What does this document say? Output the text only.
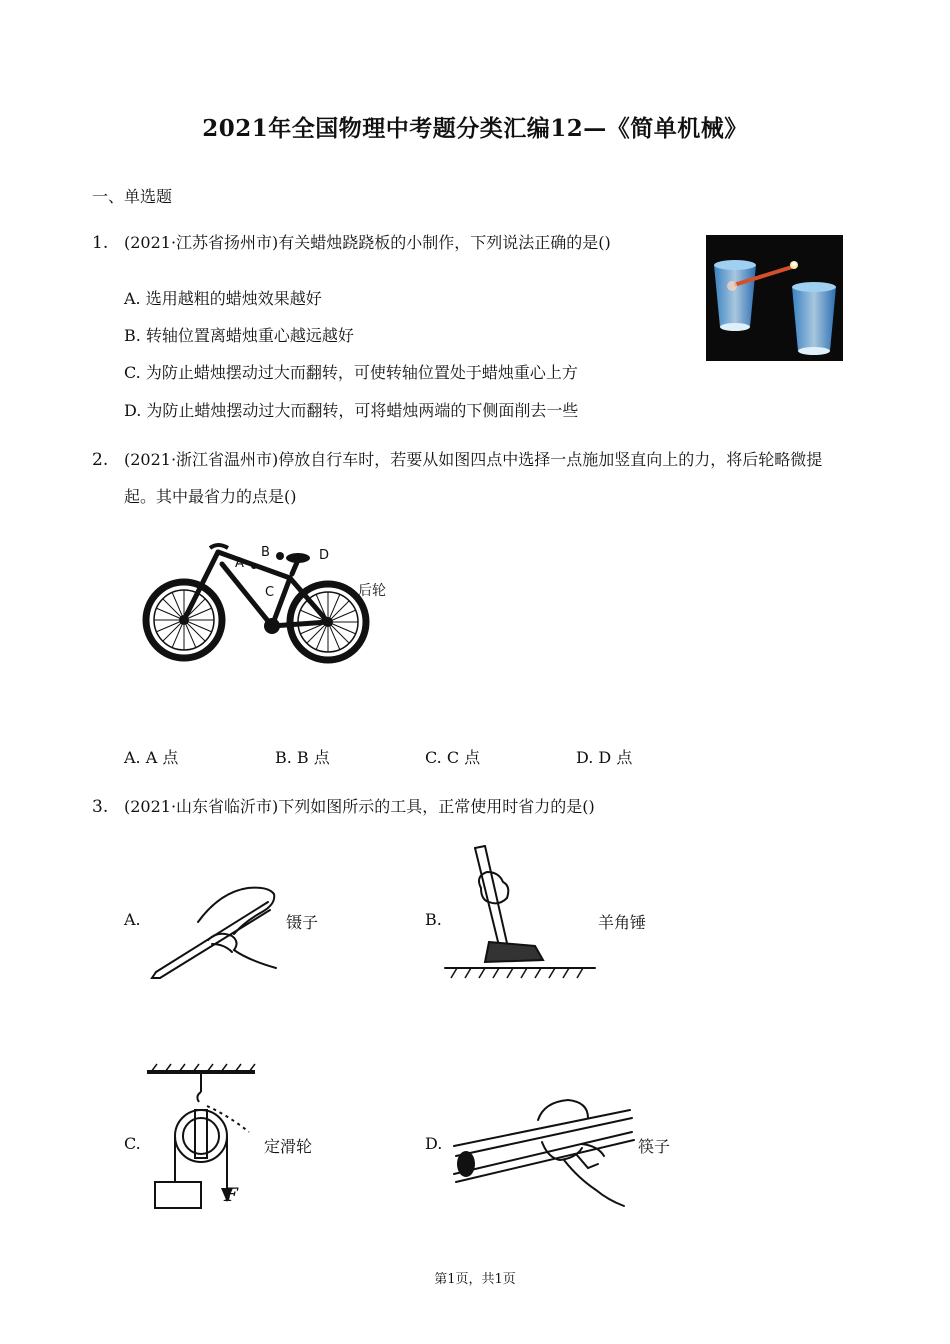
2021年全国物理中考题分类汇编12—《简单机械》
一、单选题
1. (2021·江苏省扬州市)有关蜡烛跷跷板的小制作，下列说法正确的是()
A. 选用越粗的蜡烛效果越好
B. 转轴位置离蜡烛重心越远越好
C. 为防止蜡烛摆动过大而翻转，可使转轴位置处于蜡烛重心上方
D. 为防止蜡烛摆动过大而翻转，可将蜡烛两端的下侧面削去一些
2. (2021·浙江省温州市)停放自行车时，若要从如图四点中选择一点施加竖直向上的力，将后轮略微提
起。其中最省力的点是()
A
B
C
D
后轮
A. A 点	B. B 点	C. C 点	D. D 点
3. (2021·山东省临沂市)下列如图所示的工具，正常使用时省力的是()
A.	镊子	B.	羊角锤
C.
F
定滑轮	D.	筷子
第1页，共1页
